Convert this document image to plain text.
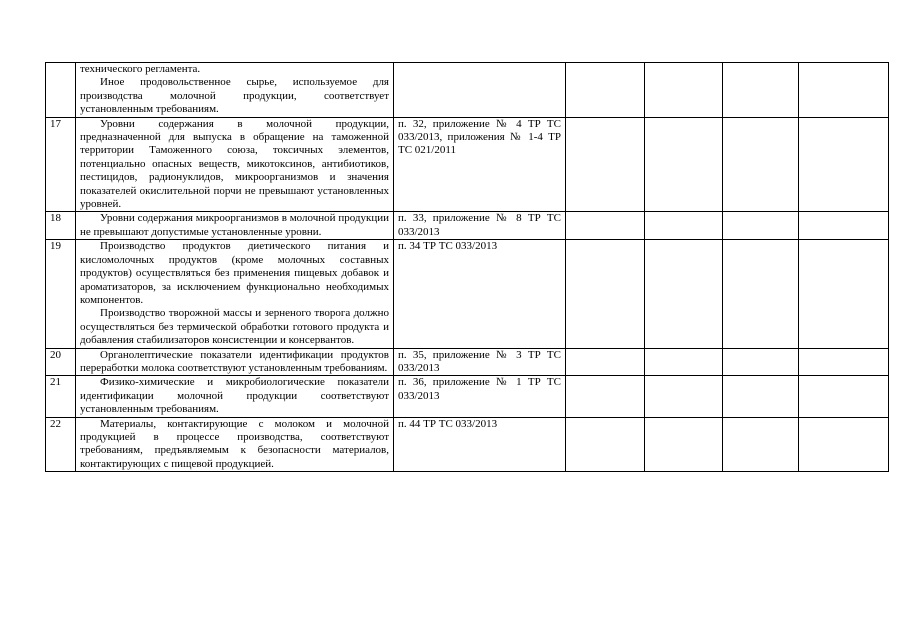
	технического регламента.

Иное продовольственное сырье, используемое для производства молочной продукции, соответствует установленным требованиям.					

17	Уровни содержания в молочной продукции, предназначенной для выпуска в обращение на таможенной территории Таможенного союза, токсичных элементов, потенциально опасных веществ, микотоксинов, антибиотиков, пестицидов, радионуклидов, микроорганизмов и значения показателей окислительной порчи не превышают установленных уровней.	п. 32, приложение № 4 ТР ТС 033/2013, приложения № 1-4 ТР ТС 021/2011				

18	Уровни содержания микроорганизмов в молочной продукции не превышают допустимые установленные уровни.	п. 33, приложение № 8 ТР ТС 033/2013				

19	Производство продуктов диетического питания и кисломолочных продуктов (кроме молочных составных продуктов) осуществляться без применения пищевых добавок и ароматизаторов, за исключением функционально необходимых компонентов.

Производство творожной массы и зерненого творога должно осуществляться без термической обработки готового продукта и добавления стабилизаторов консистенции и консервантов.	п. 34 ТР ТС 033/2013				

20	Органолептические показатели идентификации продуктов переработки молока соответствуют установленным требованиям.	п. 35, приложение № 3 ТР ТС 033/2013				

21	Физико-химические и микробиологические показатели идентификации молочной продукции соответствуют установленным требованиям.	п. 36, приложение № 1 ТР ТС 033/2013				

22	Материалы, контактирующие с молоком и молочной продукцией в процессе производства, соответствуют требованиям, предъявляемым к безопасности материалов, контактирующих с пищевой продукцией.	п. 44 ТР ТС 033/2013				
